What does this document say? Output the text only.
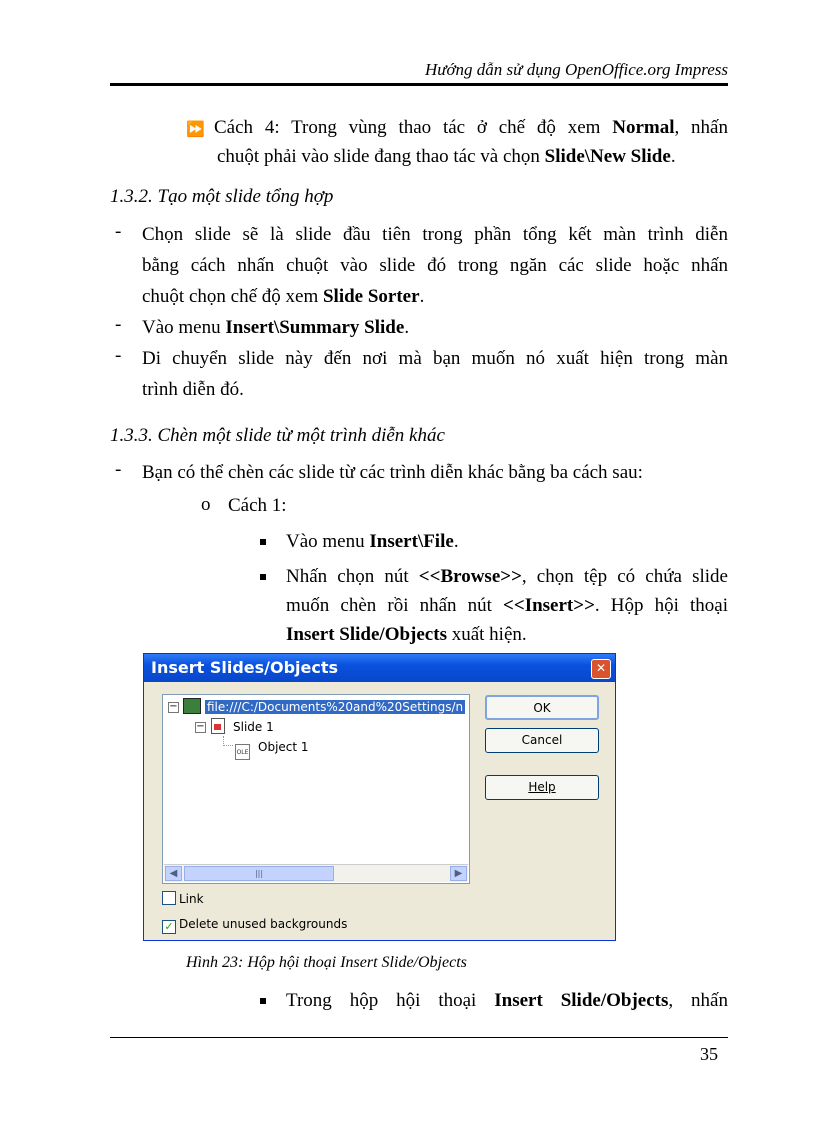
Hướng dẫn sử dụng OpenOffice.org Impress
⏩ Cách 4: Trong vùng thao tác ở chế độ xem Normal, nhấn
chuột phải vào slide đang thao tác và chọn Slide\New Slide.
1.3.2. Tạo một slide tổng hợp
- Chọn slide sẽ là slide đầu tiên trong phần tổng kết màn trình diễn
bằng cách nhấn chuột vào slide đó trong ngăn các slide hoặc nhấn
chuột chọn chế độ xem Slide Sorter.
- Vào menu Insert\Summary Slide.
- Di chuyển slide này đến nơi mà bạn muốn nó xuất hiện trong màn
trình diễn đó.
1.3.3. Chèn một slide từ một trình diễn khác
- Bạn có thể chèn các slide từ các trình diễn khác bằng ba cách sau:
o Cách 1:
Vào menu Insert\File.
Nhấn chọn nút <<Browse>>, chọn tệp có chứa slide
muốn chèn rồi nhấn nút <<Insert>>. Hộp hội thoại
Insert Slide/Objects xuất hiện.
Insert Slides/Objects	✕
−	file:///C:/Documents%20and%20Settings/n
−	Slide 1
OLE Object 1
◀	|||	▶
OK
Cancel
Help
Link
✓ Delete unused backgrounds
Hình 23: Hộp hội thoại Insert Slide/Objects
Trong hộp hội thoại Insert Slide/Objects, nhấn
35
